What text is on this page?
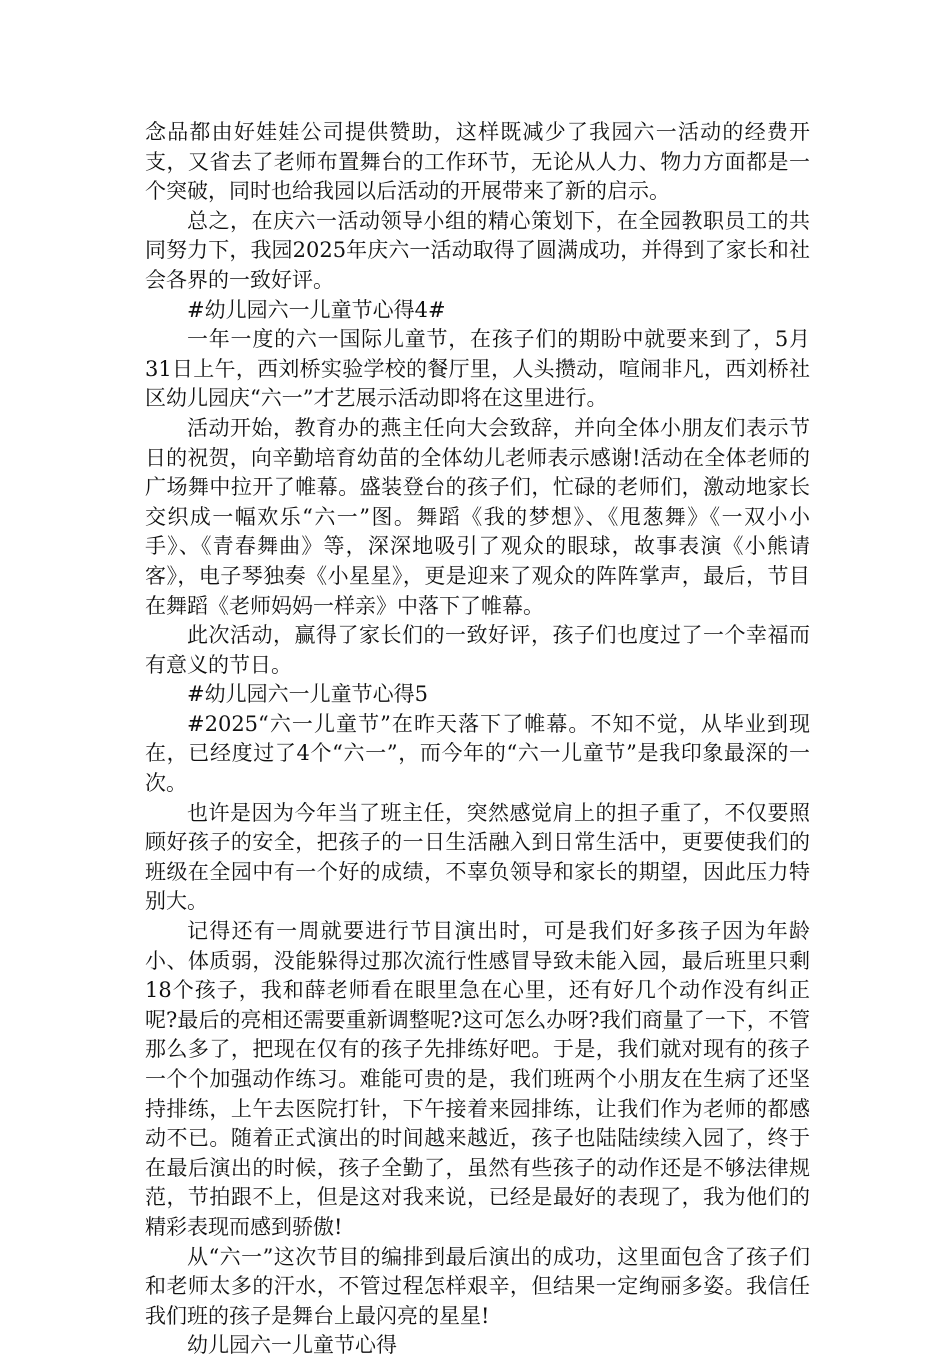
念品都由好娃娃公司提供赞助，这样既减少了我园六一活动的经费开支，又省去了老师布置舞台的工作环节，无论从人力、物力方面都是一个突破，同时也给我园以后活动的开展带来了新的启示。

总之，在庆六一活动领导小组的精心策划下，在全园教职员工的共同努力下，我园2025年庆六一活动取得了圆满成功，并得到了家长和社会各界的一致好评。

#幼儿园六一儿童节心得4#

一年一度的六一国际儿童节，在孩子们的期盼中就要来到了，5月31日上午，西刘桥实验学校的餐厅里，人头攒动，喧闹非凡，西刘桥社区幼儿园庆“六一”才艺展示活动即将在这里进行。

活动开始，教育办的燕主任向大会致辞，并向全体小朋友们表示节日的祝贺，向辛勤培育幼苗的全体幼儿老师表示感谢!活动在全体老师的广场舞中拉开了帷幕。盛装登台的孩子们，忙碌的老师们，激动地家长交织成一幅欢乐“六一”图。舞蹈《我的梦想》、《甩葱舞》《一双小小手》、《青春舞曲》等，深深地吸引了观众的眼球，故事表演《小熊请客》，电子琴独奏《小星星》，更是迎来了观众的阵阵掌声，最后，节目在舞蹈《老师妈妈一样亲》中落下了帷幕。

此次活动，赢得了家长们的一致好评，孩子们也度过了一个幸福而有意义的节日。

#幼儿园六一儿童节心得5

#2025“六一儿童节”在昨天落下了帷幕。不知不觉，从毕业到现在，已经度过了4个“六一”，而今年的“六一儿童节”是我印象最深的一次。

也许是因为今年当了班主任，突然感觉肩上的担子重了，不仅要照顾好孩子的安全，把孩子的一日生活融入到日常生活中，更要使我们的班级在全园中有一个好的成绩，不辜负领导和家长的期望，因此压力特别大。

记得还有一周就要进行节目演出时，可是我们好多孩子因为年龄小、体质弱，没能躲得过那次流行性感冒导致未能入园，最后班里只剩18个孩子，我和薛老师看在眼里急在心里，还有好几个动作没有纠正呢?最后的亮相还需要重新调整呢?这可怎么办呀?我们商量了一下，不管那么多了，把现在仅有的孩子先排练好吧。于是，我们就对现有的孩子一个个加强动作练习。难能可贵的是，我们班两个小朋友在生病了还坚持排练，上午去医院打针，下午接着来园排练，让我们作为老师的都感动不已。随着正式演出的时间越来越近，孩子也陆陆续续入园了，终于在最后演出的时候，孩子全勤了，虽然有些孩子的动作还是不够法律规范，节拍跟不上，但是这对我来说，已经是最好的表现了，我为他们的精彩表现而感到骄傲!

从“六一”这次节目的编排到最后演出的成功，这里面包含了孩子们和老师太多的汗水，不管过程怎样艰辛，但结果一定绚丽多姿。我信任我们班的孩子是舞台上最闪亮的星星!

幼儿园六一儿童节心得
